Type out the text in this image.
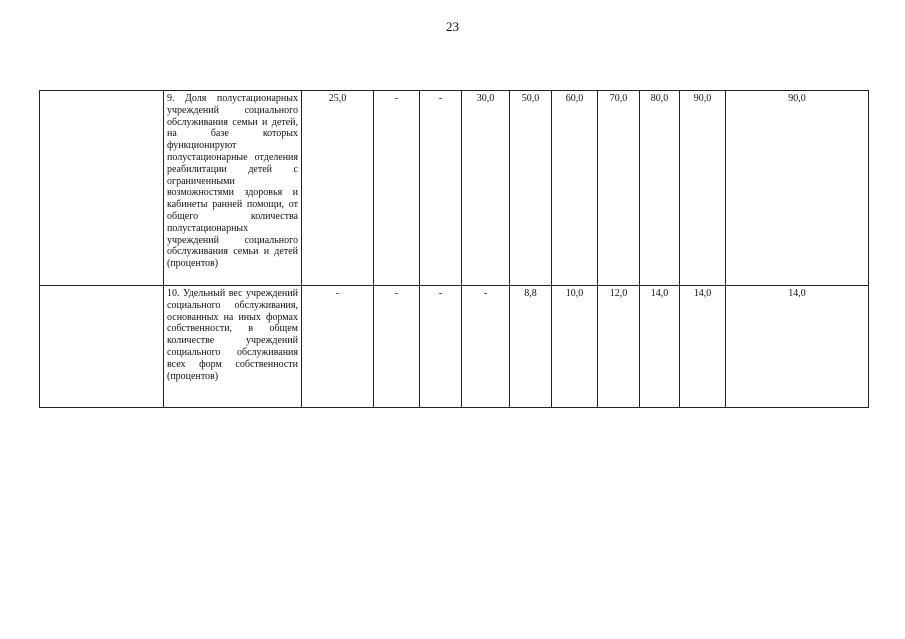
23
	9. Доля полустационарных учреждений социального обслуживания семьи и детей, на базе которых функционируют полустационарные отделения реабилитации детей с ограниченными возможностями здоровья и кабинеты ранней помощи, от общего количества полустационарных учреждений социального обслуживания семьи и детей (процентов)	25,0	-	-	30,0	50,0	60,0	70,0	80,0	90,0	90,0
	10. Удельный вес учреждений социального обслуживания, основанных на иных формах собственности, в общем количестве учреждений социального обслуживания всех форм собственности (процентов)	-	-	-	-	8,8	10,0	12,0	14,0	14,0	14,0
